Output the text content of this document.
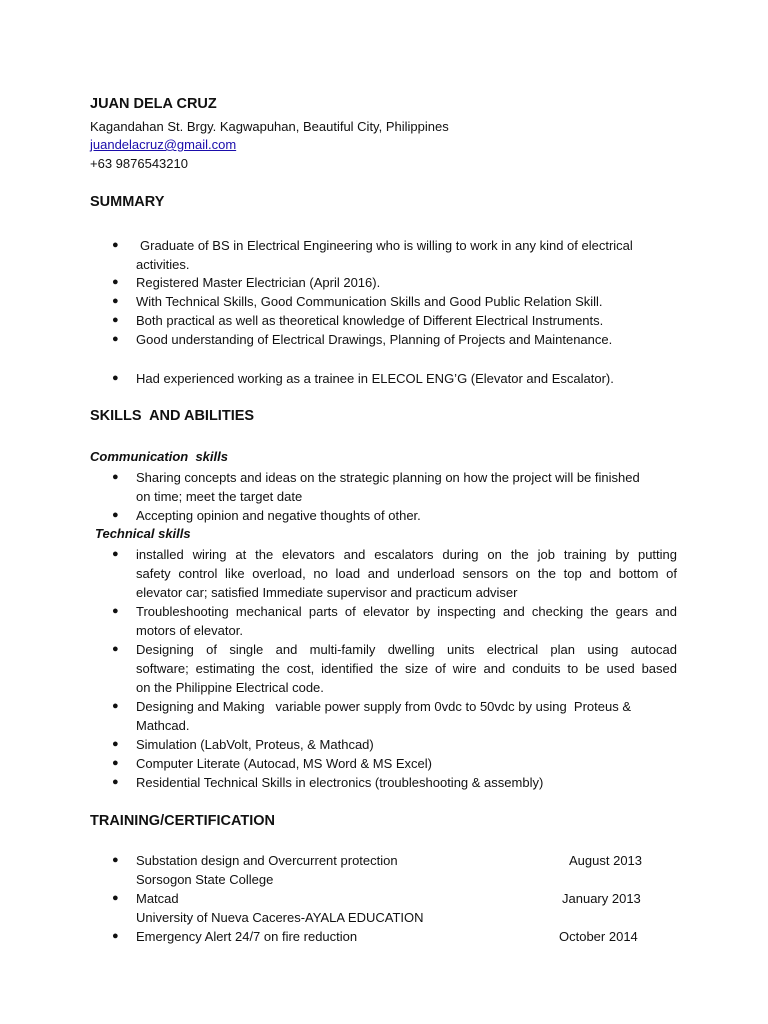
JUAN DELA CRUZ
Kagandahan St. Brgy. Kagwapuhan, Beautiful City, Philippines
juandelacruz@gmail.com
+63 9876543210
SUMMARY
●
Graduate of BS in Electrical Engineering who is willing to work in any kind of electrical
activities.
●
Registered Master Electrician (April 2016).
●
With Technical Skills, Good Communication Skills and Good Public Relation Skill.
●
Both practical as well as theoretical knowledge of Different Electrical Instruments.
●
Good understanding of Electrical Drawings, Planning of Projects and Maintenance.
●
Had experienced working as a trainee in ELECOL ENG’G (Elevator and Escalator).
SKILLS  AND ABILITIES
Communication  skills
●
Sharing concepts and ideas on the strategic planning on how the project will be finished
on time; meet the target date
●
Accepting opinion and negative thoughts of other.
Technical skills
●
installed wiring at the elevators and escalators during on the job training by putting
safety control like overload, no load and underload sensors on the top and bottom of
elevator car; satisfied Immediate supervisor and practicum adviser
●
Troubleshooting mechanical parts of elevator by inspecting and checking the gears and
motors of elevator.
●
Designing of single and multi-family dwelling units electrical plan using autocad
software; estimating the cost, identified the size of wire and conduits to be used based
on the Philippine Electrical code.
●
Designing and Making   variable power supply from 0vdc to 50vdc by using  Proteus &
Mathcad.
●
Simulation (LabVolt, Proteus, & Mathcad)
●
Computer Literate (Autocad, MS Word & MS Excel)
●
Residential Technical Skills in electronics (troubleshooting & assembly)
TRAINING/CERTIFICATION
●
Substation design and Overcurrent protection	August 2013
Sorsogon State College
●
Matcad	January 2013
University of Nueva Caceres-AYALA EDUCATION
●
Emergency Alert 24/7 on fire reduction	October 2014
